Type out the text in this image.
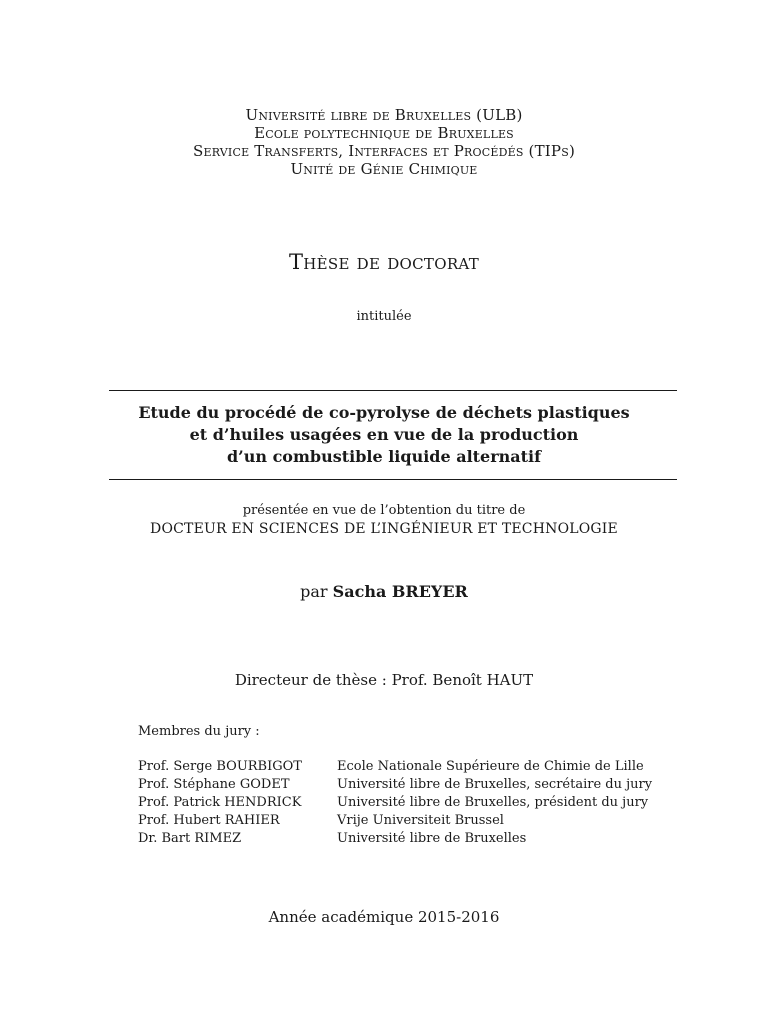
Université libre de Bruxelles (ULB)
Ecole polytechnique de Bruxelles
Service Transferts, Interfaces et Procédés (TIPs)
Unité de Génie Chimique
Thèse de doctorat
intitulée
Etude du procédé de co-pyrolyse de déchets plastiques
et d’huiles usagées en vue de la production
d’un combustible liquide alternatif
présentée en vue de l’obtention du titre de
DOCTEUR EN SCIENCES DE L’INGÉNIEUR ET TECHNOLOGIE
par Sacha BREYER
Directeur de thèse : Prof. Benoît HAUT
Membres du jury :
Prof. Serge BOURBIGOT	Ecole Nationale Supérieure de Chimie de Lille
Prof. Stéphane GODET	Université libre de Bruxelles, secrétaire du jury
Prof. Patrick HENDRICK	Université libre de Bruxelles, président du jury
Prof. Hubert RAHIER	Vrije Universiteit Brussel
Dr. Bart RIMEZ	Université libre de Bruxelles
Année académique 2015-2016
